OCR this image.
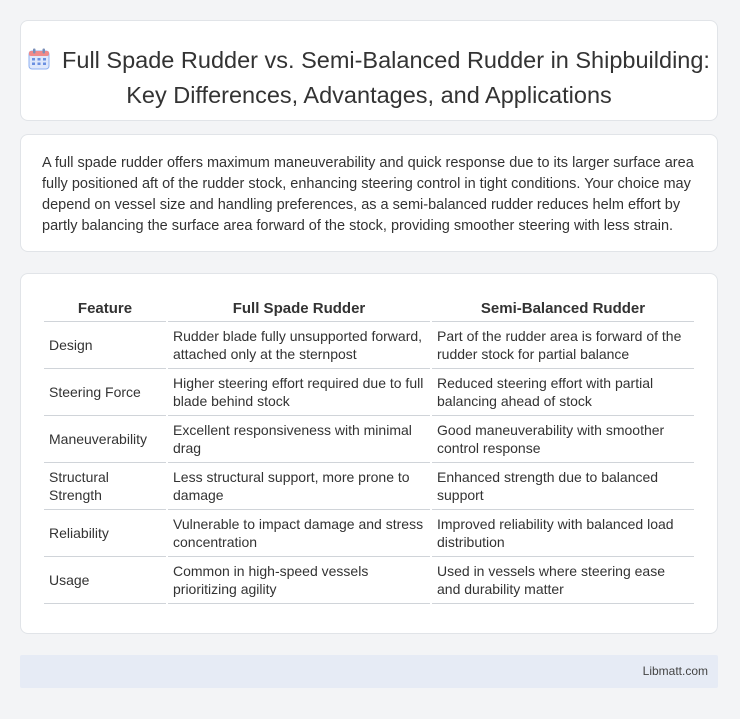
Full Spade Rudder vs. Semi-Balanced Rudder in Shipbuilding: Key Differences, Advantages, and Applications

A full spade rudder offers maximum maneuverability and quick response due to its larger surface area fully positioned aft of the rudder stock, enhancing steering control in tight conditions. Your choice may depend on vessel size and handling preferences, as a semi-balanced rudder reduces helm effort by partly balancing the surface area forward of the stock, providing smoother steering with less strain.

Feature	Full Spade Rudder	Semi-Balanced Rudder
Design	Rudder blade fully unsupported forward, attached only at the sternpost	Part of the rudder area is forward of the rudder stock for partial balance
Steering Force	Higher steering effort required due to full blade behind stock	Reduced steering effort with partial balancing ahead of stock
Maneuverability	Excellent responsiveness with minimal drag	Good maneuverability with smoother control response
Structural Strength	Less structural support, more prone to damage	Enhanced strength due to balanced support
Reliability	Vulnerable to impact damage and stress concentration	Improved reliability with balanced load distribution
Usage	Common in high-speed vessels prioritizing agility	Used in vessels where steering ease and durability matter
Libmatt.com
